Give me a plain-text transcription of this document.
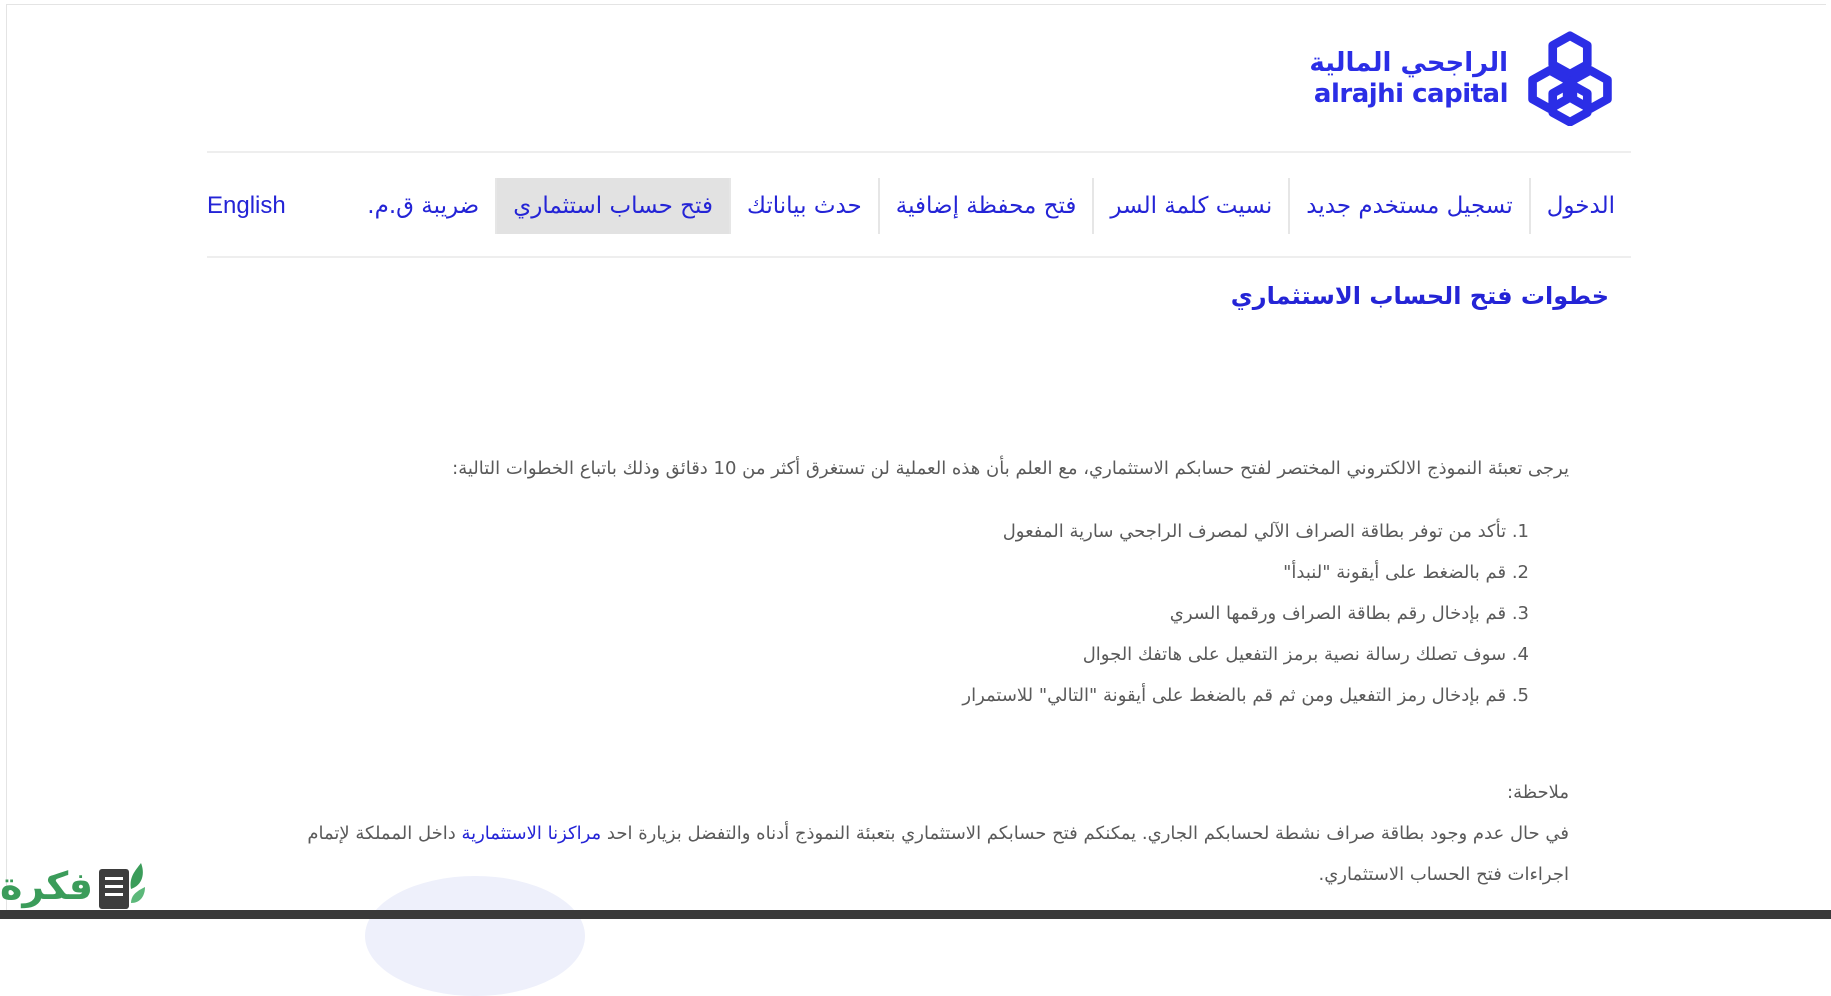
الراجحي المالية
alrajhi capital
الدخول
تسجيل مستخدم جديد
نسيت كلمة السر
فتح محفظة إضافية
حدث بياناتك
فتح حساب استثماري
ضريبة ق.م.
English
خطوات فتح الحساب الاستثماري
يرجى تعبئة النموذج الالكتروني المختصر لفتح حسابكم الاستثماري، مع العلم بأن هذه العملية لن تستغرق أكثر من 10 دقائق وذلك باتباع الخطوات التالية:
1. تأكد من توفر بطاقة الصراف الآلي لمصرف الراجحي سارية المفعول
2. قم بالضغط على أيقونة "لنبدأ"
3. قم بإدخال رقم بطاقة الصراف ورقمها السري
4. سوف تصلك رسالة نصية برمز التفعيل على هاتفك الجوال
5. قم بإدخال رمز التفعيل ومن ثم قم بالضغط على أيقونة "التالي" للاستمرار
ملاحظة:
في حال عدم وجود بطاقة صراف نشطة لحسابكم الجاري. يمكنكم فتح حسابكم الاستثماري بتعبئة النموذج أدناه والتفضل بزيارة احد مراكزنا الاستثمارية داخل المملكة لإتمام
اجراءات فتح الحساب الاستثماري.
فكرة
